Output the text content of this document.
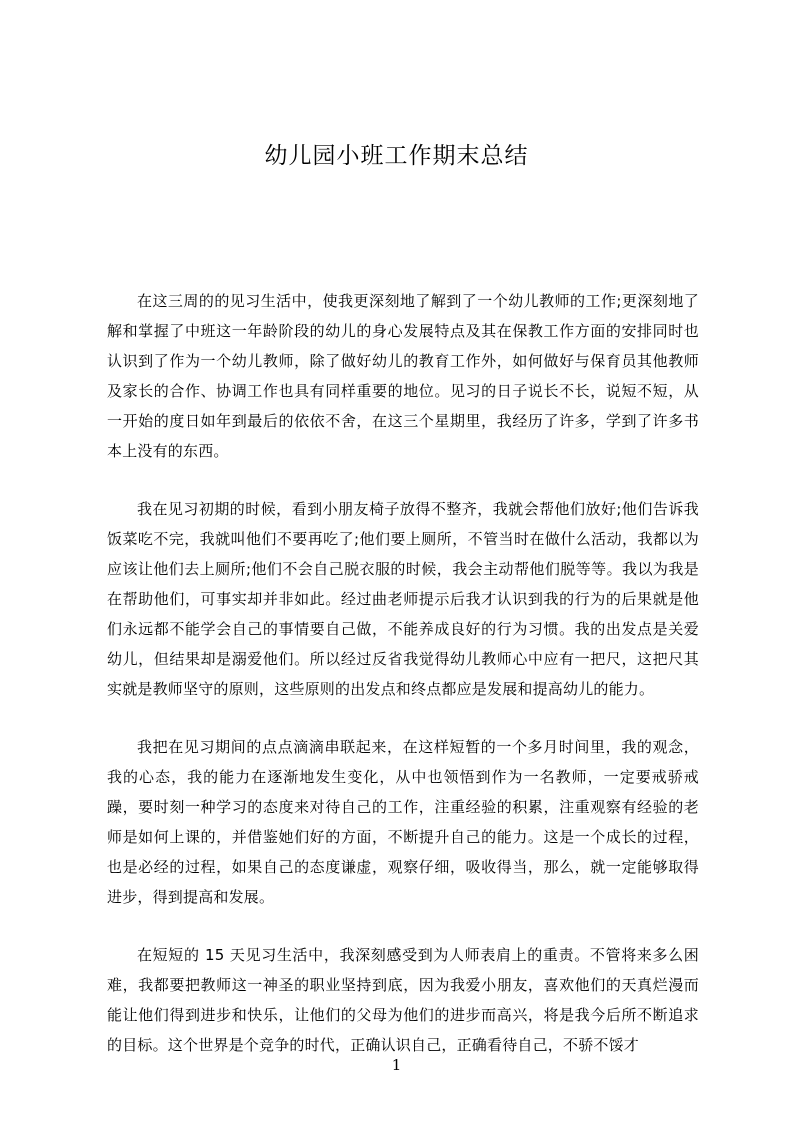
幼儿园小班工作期末总结

在这三周的的见习生活中，使我更深刻地了解到了一个幼儿教师的工作;更深刻地了解和掌握了中班这一年龄阶段的幼儿的身心发展特点及其在保教工作方面的安排同时也认识到了作为一个幼儿教师，除了做好幼儿的教育工作外，如何做好与保育员其他教师及家长的合作、协调工作也具有同样重要的地位。见习的日子说长不长，说短不短，从一开始的度日如年到最后的依依不舍，在这三个星期里，我经历了许多，学到了许多书本上没有的东西。

我在见习初期的时候，看到小朋友椅子放得不整齐，我就会帮他们放好;他们告诉我饭菜吃不完，我就叫他们不要再吃了;他们要上厕所，不管当时在做什么活动，我都以为应该让他们去上厕所;他们不会自己脱衣服的时候，我会主动帮他们脱等等。我以为我是在帮助他们，可事实却并非如此。经过曲老师提示后我才认识到我的行为的后果就是他们永远都不能学会自己的事情要自己做，不能养成良好的行为习惯。我的出发点是关爱幼儿，但结果却是溺爱他们。所以经过反省我觉得幼儿教师心中应有一把尺，这把尺其实就是教师坚守的原则，这些原则的出发点和终点都应是发展和提高幼儿的能力。

我把在见习期间的点点滴滴串联起来，在这样短暂的一个多月时间里，我的观念，我的心态，我的能力在逐渐地发生变化，从中也领悟到作为一名教师，一定要戒骄戒躁，要时刻一种学习的态度来对待自己的工作，注重经验的积累，注重观察有经验的老师是如何上课的，并借鉴她们好的方面，不断提升自己的能力。这是一个成长的过程，也是必经的过程，如果自己的态度谦虚，观察仔细，吸收得当，那么，就一定能够取得进步，得到提高和发展。

在短短的 15 天见习生活中，我深刻感受到为人师表肩上的重责。不管将来多么困难，我都要把教师这一神圣的职业坚持到底，因为我爱小朋友，喜欢他们的天真烂漫而能让他们得到进步和快乐，让他们的父母为他们的进步而高兴，将是我今后所不断追求的目标。这个世界是个竞争的时代，正确认识自己，正确看待自己，不骄不馁才

1
